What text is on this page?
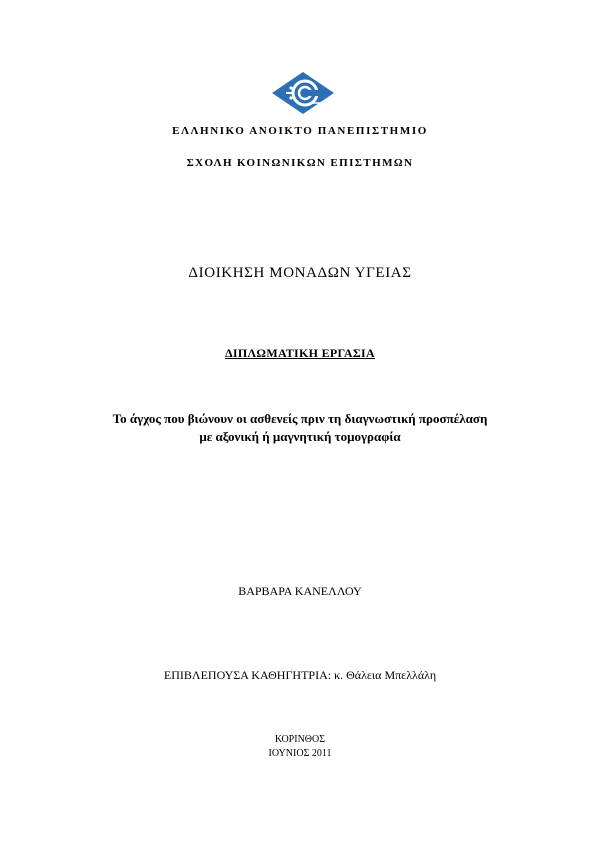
ΕΛΛΗΝΙΚΟ ΑΝΟΙΚΤΟ ΠΑΝΕΠΙΣΤΗΜΙΟ
ΣΧΟΛΗ ΚΟΙΝΩΝΙΚΩΝ ΕΠΙΣΤΗΜΩΝ
ΔΙΟΙΚΗΣΗ ΜΟΝΑΔΩΝ ΥΓΕΙΑΣ
ΔΙΠΛΩΜΑΤΙΚΗ ΕΡΓΑΣΙΑ
Το άγχος που βιώνουν οι ασθενείς πριν τη διαγνωστική προσπέλαση
με αξονική ή μαγνητική τομογραφία
ΒΑΡΒΑΡΑ ΚΑΝΕΛΛΟΥ
ΕΠΙΒΛΕΠΟΥΣΑ ΚΑΘΗΓΗΤΡΙΑ: κ. Θάλεια Μπελλάλη
ΚΟΡΙΝΘΟΣ
ΙΟΥΝΙΟΣ 2011
